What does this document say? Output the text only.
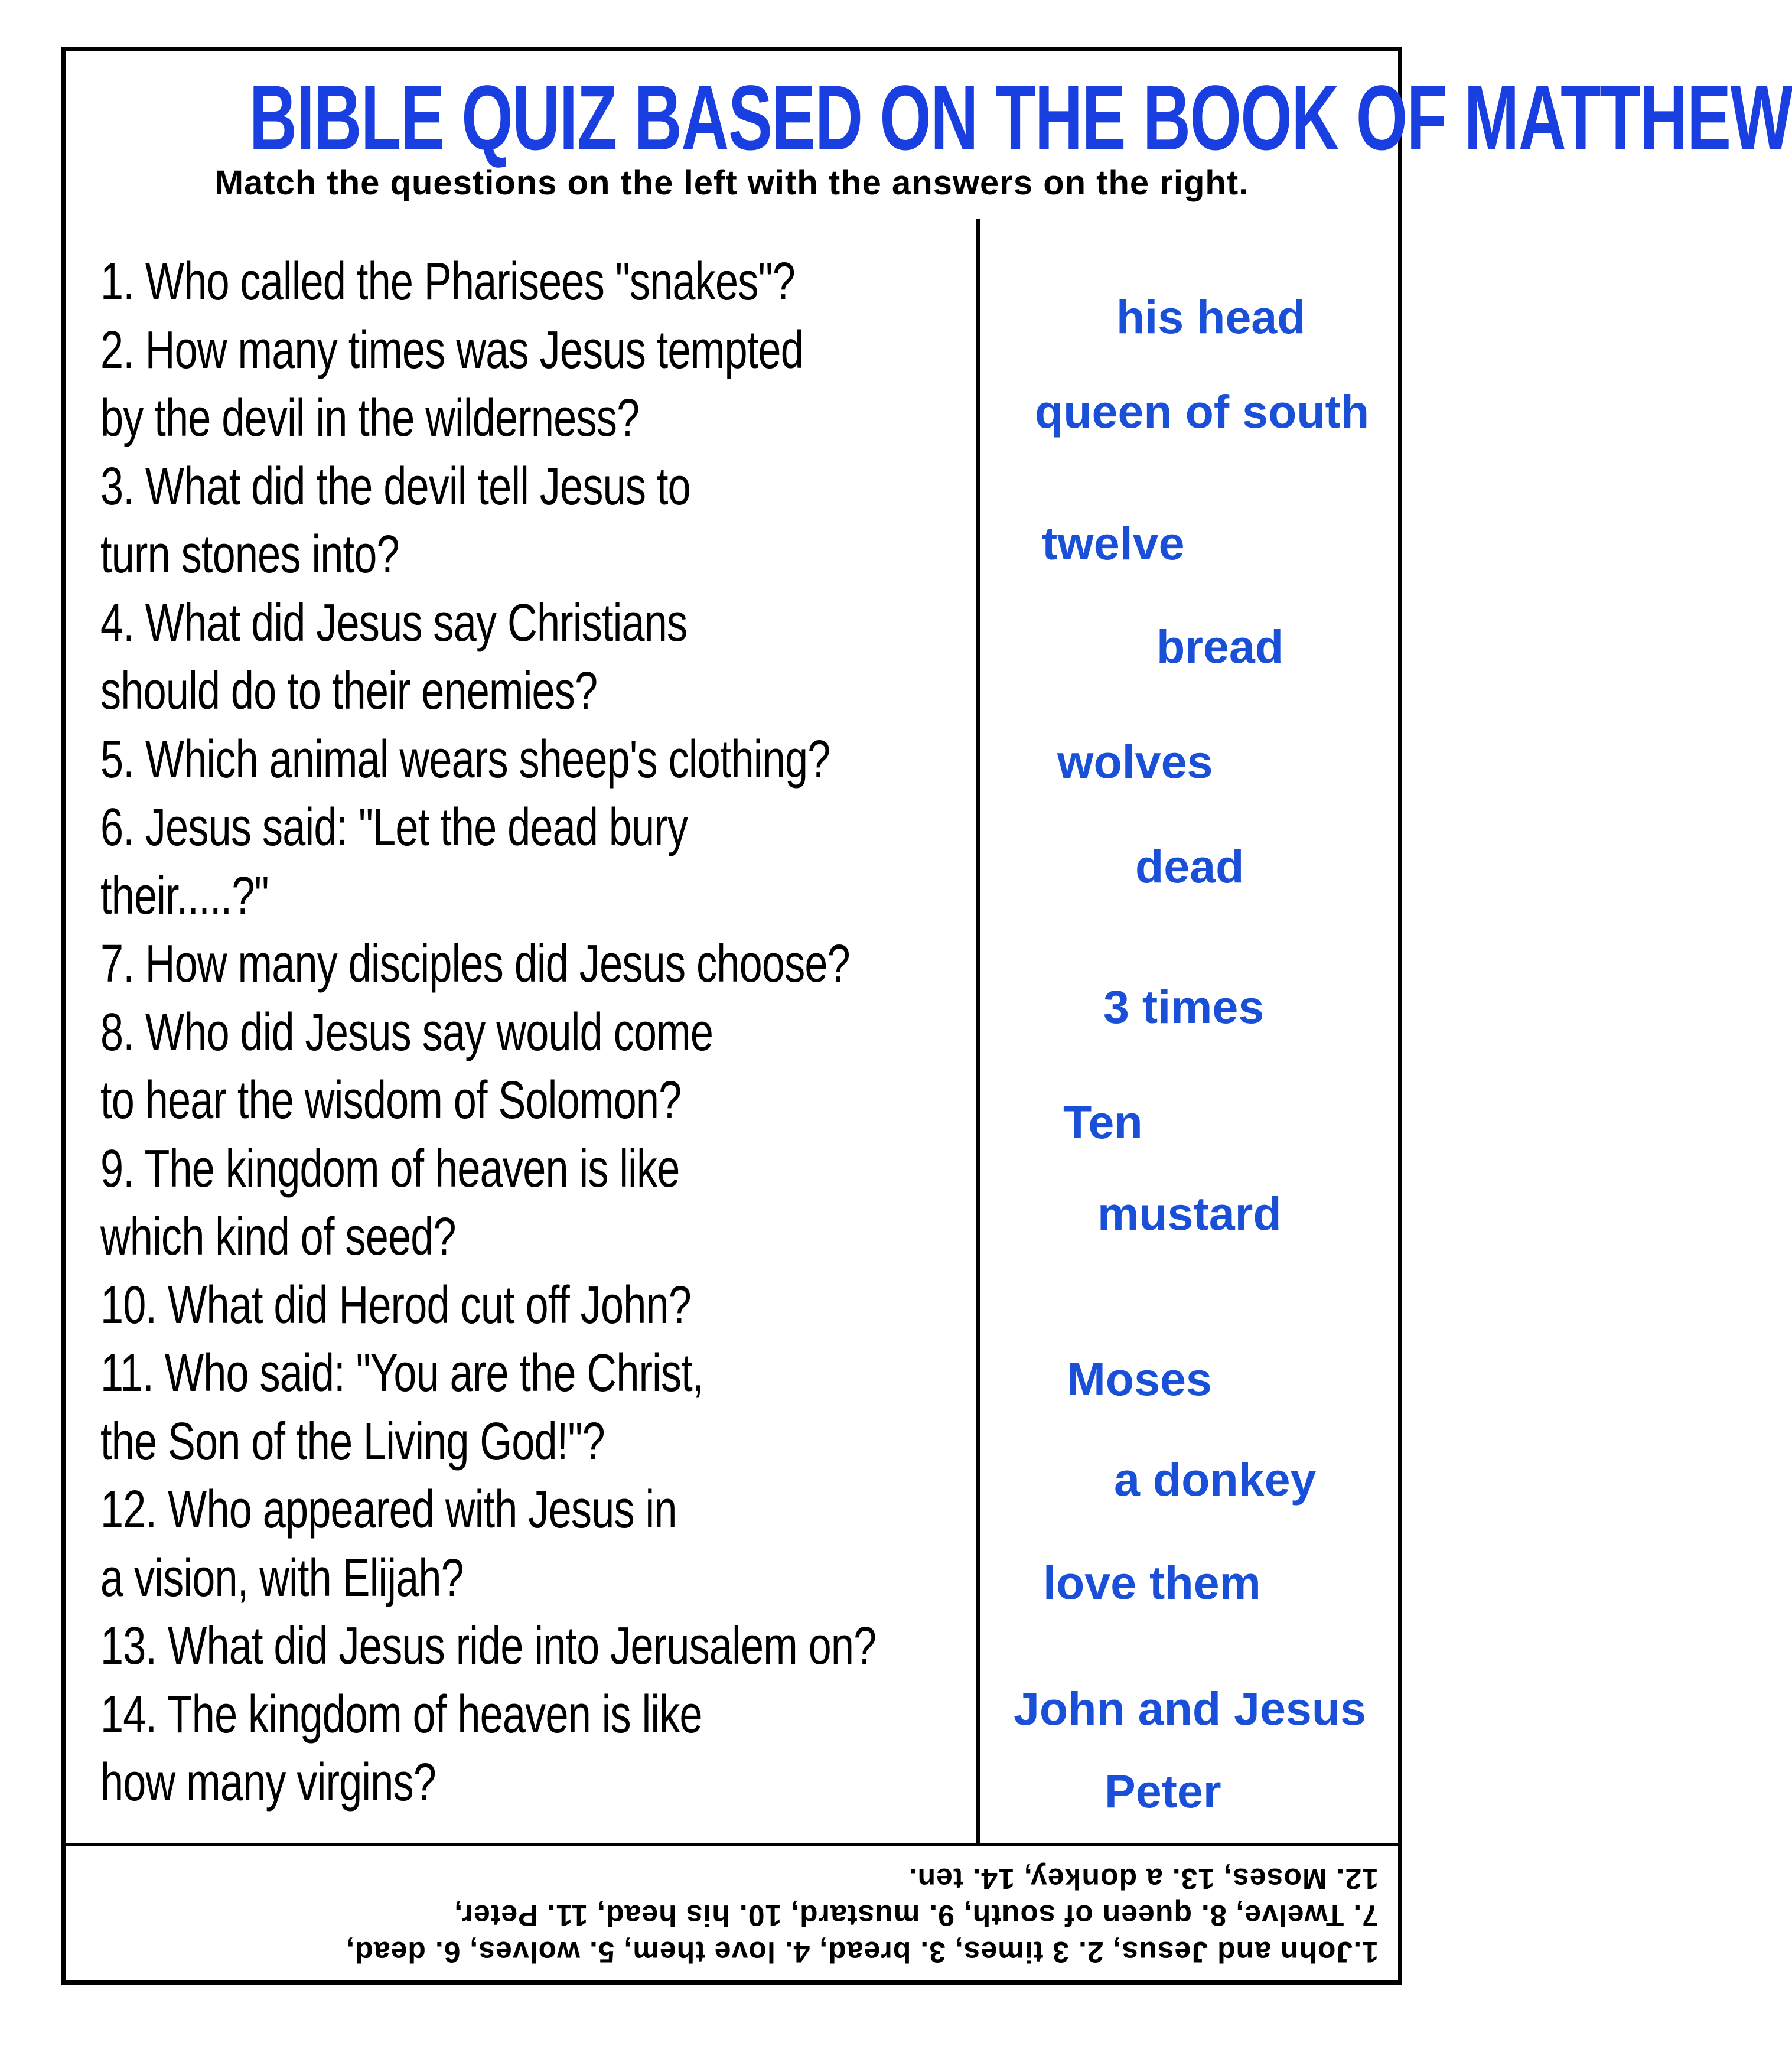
BIBLE QUIZ BASED ON THE BOOK OF MATTHEW
Match the questions on the left with the answers on the right.
1. Who called the Pharisees "snakes"?
2. How many times was Jesus tempted
by the devil in the wilderness?
3. What did the devil tell Jesus to
turn stones into?
4. What did Jesus say Christians
should do to their enemies?
5. Which animal wears sheep's clothing?
6. Jesus said: "Let the dead bury
their.....?"
7. How many disciples did Jesus choose?
8. Who did Jesus say would come
to hear the wisdom of Solomon?
9. The kingdom of heaven is like
which kind of seed?
10. What did Herod cut off John?
11. Who said: "You are the Christ,
the Son of the Living God!"?
12. Who appeared with Jesus in
a vision, with Elijah?
13. What did Jesus ride into Jerusalem on?
14. The kingdom of heaven is like
how many virgins?
his head
queen of south
twelve
bread
wolves
dead
3 times
Ten
mustard
Moses
a donkey
love them
John and Jesus
Peter
1.John and Jesus, 2. 3 times, 3. bread, 4. love them, 5. wolves, 6. dead,
7. Twelve, 8. queen of south, 9. mustard, 10. his head, 11. Peter,
12. Moses, 13. a donkey, 14. ten.
